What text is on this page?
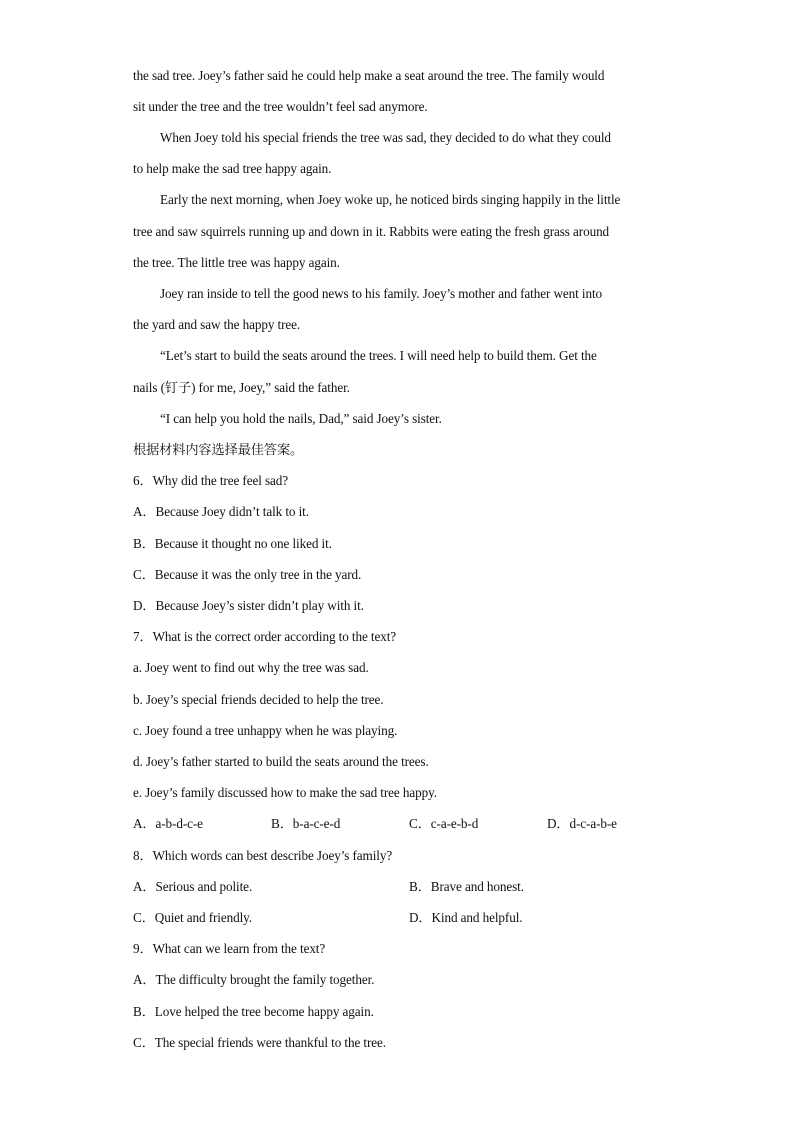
the sad tree. Joey’s father said he could help make a seat around the tree. The family would
sit under the tree and the tree wouldn’t feel sad anymore.
When Joey told his special friends the tree was sad, they decided to do what they could
to help make the sad tree happy again.
Early the next morning, when Joey woke up, he noticed birds singing happily in the little
tree and saw squirrels running up and down in it. Rabbits were eating the fresh grass around
the tree. The little tree was happy again.
Joey ran inside to tell the good news to his family. Joey’s mother and father went into
the yard and saw the happy tree.
“Let’s start to build the seats around the trees. I will need help to build them. Get the
nails (钉子) for me, Joey,” said the father.
“I can help you hold the nails, Dad,” said Joey’s sister.
根据材料内容选择最佳答案。
6．Why did the tree feel sad?
A．Because Joey didn’t talk to it.
B．Because it thought no one liked it.
C．Because it was the only tree in the yard.
D．Because Joey’s sister didn’t play with it.
7．What is the correct order according to the text?
a. Joey went to find out why the tree was sad.
b. Joey’s special friends decided to help the tree.
c. Joey found a tree unhappy when he was playing.
d. Joey’s father started to build the seats around the trees.
e. Joey’s family discussed how to make the sad tree happy.
A．a-b-d-c-e	B．b-a-c-e-d	C．c-a-e-b-d	D．d-c-a-b-e
8．Which words can best describe Joey’s family?
A．Serious and polite.	B．Brave and honest.
C．Quiet and friendly.	D．Kind and helpful.
9．What can we learn from the text?
A．The difficulty brought the family together.
B．Love helped the tree become happy again.
C．The special friends were thankful to the tree.
